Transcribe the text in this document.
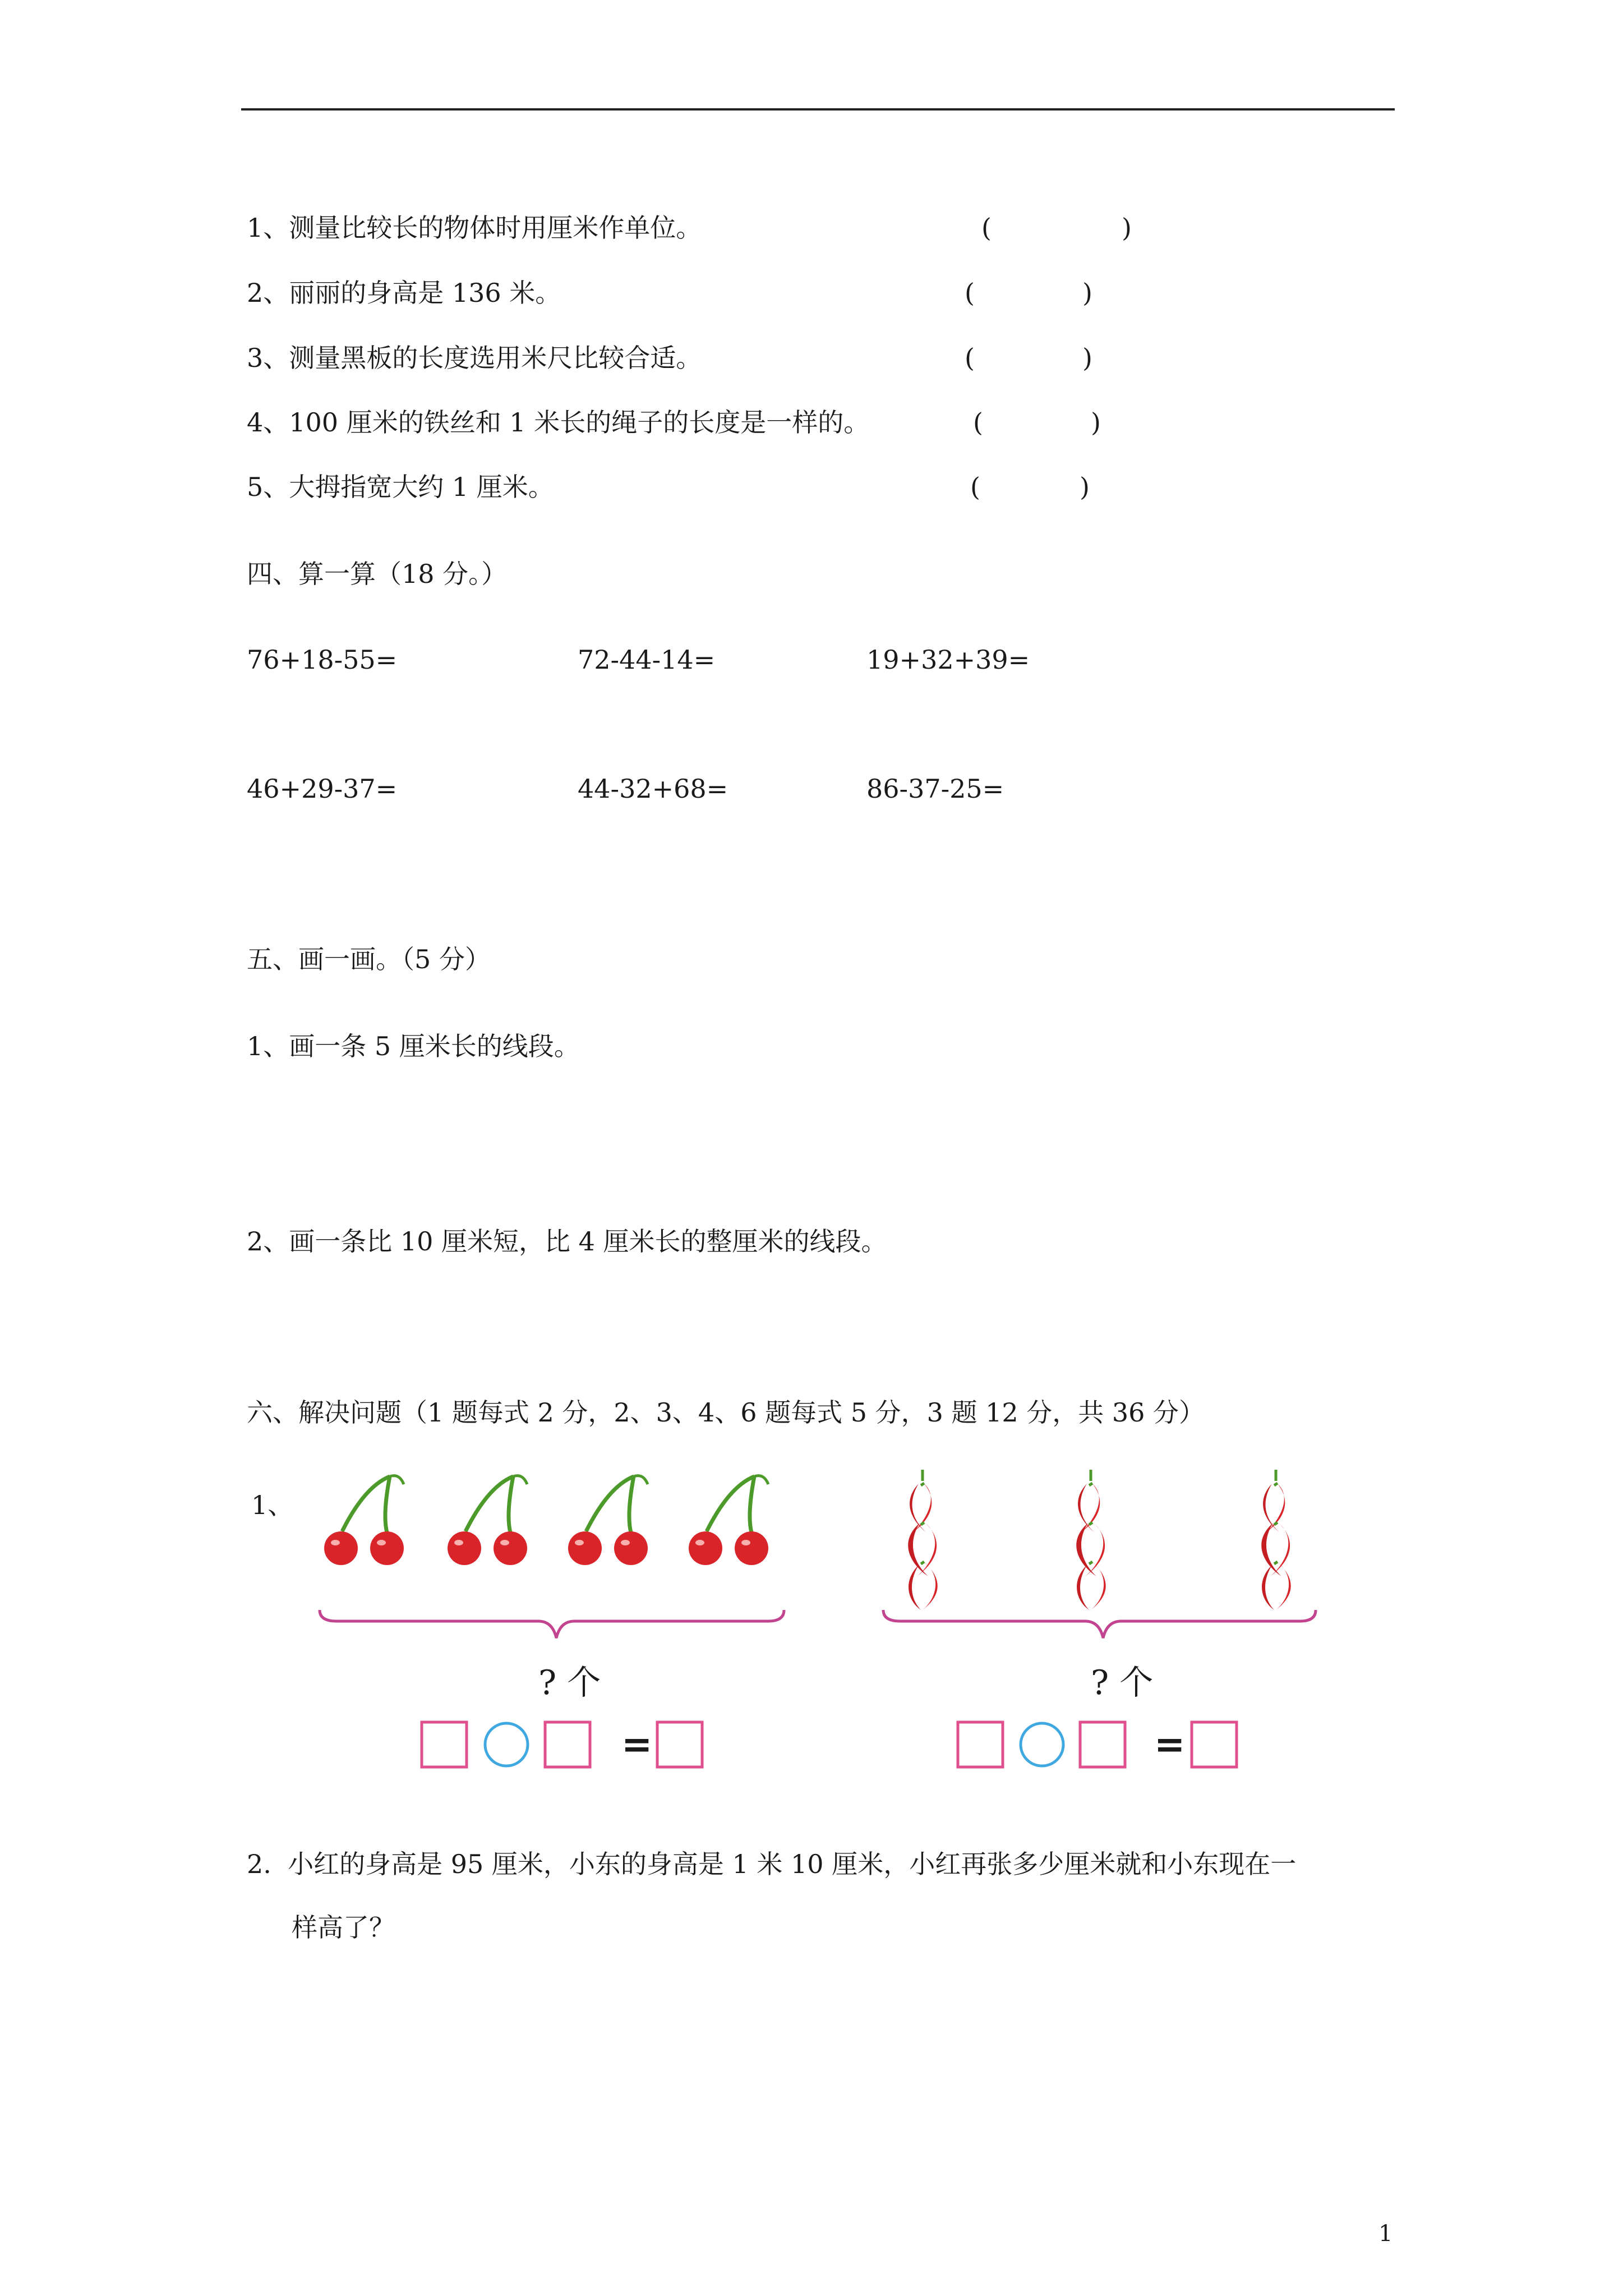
1、测量比较长的物体时用厘米作单位。	(	)
2、丽丽的身高是 136 米。	(	)
3、测量黑板的长度选用米尺比较合适。	(	)
4、100 厘米的铁丝和 1 米长的绳子的长度是一样的。	(	)
5、大拇指宽大约 1 厘米。	(	)
四、算一算（18 分。）
76+18-55=	72-44-14=	19+32+39=
46+29-37=	44-32+68=	86-37-25=
五、画一画。（5 分）
1、画一条 5 厘米长的线段。
2、画一条比 10 厘米短，比 4 厘米长的整厘米的线段。
六、解决问题（1 题每式 2 分，2、3、4、6 题每式 5 分，3 题 12 分，共 36 分）
1、
? 个	? 个
=	=
2.  小红的身高是 95 厘米，小东的身高是 1 米 10 厘米，小红再张多少厘米就和小东现在一
样高了？
1
